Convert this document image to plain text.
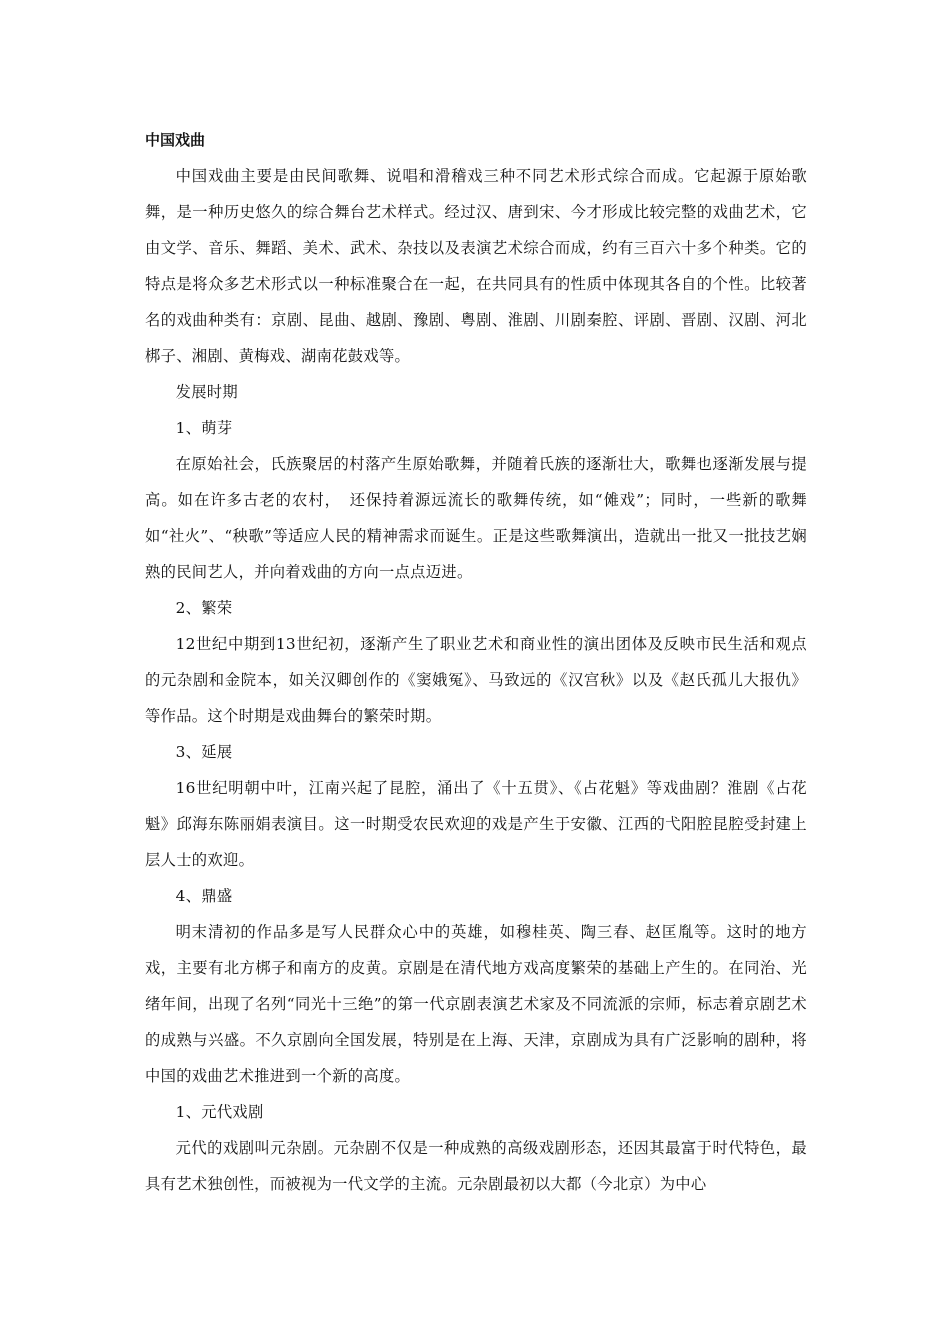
中国戏曲

中国戏曲主要是由民间歌舞、说唱和滑稽戏三种不同艺术形式综合而成。它起源于原始歌舞，是一种历史悠久的综合舞台艺术样式。经过汉、唐到宋、今才形成比较完整的戏曲艺术，它由文学、音乐、舞蹈、美术、武术、杂技以及表演艺术综合而成，约有三百六十多个种类。它的特点是将众多艺术形式以一种标准聚合在一起，在共同具有的性质中体现其各自的个性。比较著名的戏曲种类有：京剧、昆曲、越剧、豫剧、粤剧、淮剧、川剧秦腔、评剧、晋剧、汉剧、河北梆子、湘剧、黄梅戏、湖南花鼓戏等。

发展时期

1、萌芽

在原始社会，氏族聚居的村落产生原始歌舞，并随着氏族的逐渐壮大，歌舞也逐渐发展与提高。如在许多古老的农村，　还保持着源远流长的歌舞传统，如“傩戏”；同时，一些新的歌舞如“社火”、“秧歌”等适应人民的精神需求而诞生。正是这些歌舞演出，造就出一批又一批技艺娴熟的民间艺人，并向着戏曲的方向一点点迈进。

2、繁荣

12世纪中期到13世纪初，逐渐产生了职业艺术和商业性的演出团体及反映市民生活和观点的元杂剧和金院本，如关汉卿创作的《窦娥冤》、马致远的《汉宫秋》以及《赵氏孤儿大报仇》等作品。这个时期是戏曲舞台的繁荣时期。

3、延展

16世纪明朝中叶，江南兴起了昆腔，涌出了《十五贯》、《占花魁》等戏曲剧？淮剧《占花魁》邱海东陈丽娟表演目。这一时期受农民欢迎的戏是产生于安徽、江西的弋阳腔昆腔受封建上层人士的欢迎。

4、鼎盛

明末清初的作品多是写人民群众心中的英雄，如穆桂英、陶三春、赵匡胤等。这时的地方戏，主要有北方梆子和南方的皮黄。京剧是在清代地方戏高度繁荣的基础上产生的。在同治、光绪年间，出现了名列“同光十三绝”的第一代京剧表演艺术家及不同流派的宗师，标志着京剧艺术的成熟与兴盛。不久京剧向全国发展，特别是在上海、天津，京剧成为具有广泛影响的剧种，将中国的戏曲艺术推进到一个新的高度。

1、元代戏剧

元代的戏剧叫元杂剧。元杂剧不仅是一种成熟的高级戏剧形态，还因其最富于时代特色，最具有艺术独创性，而被视为一代文学的主流。元杂剧最初以大都（今北京）为中心
